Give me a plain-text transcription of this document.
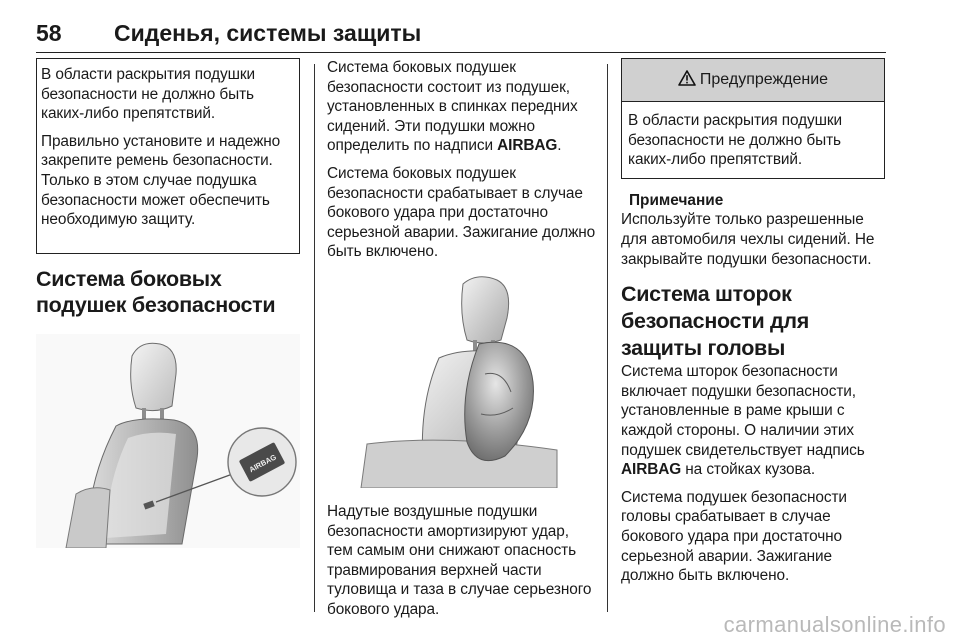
58 Сиденья, системы защиты

В области раскрытия подушки безопасности не должно быть каких-либо препятствий.

Правильно установите и надежно закрепите ремень безопасности. Только в этом случае подушка безопасности может обеспечить необходимую защиту.

Система боковых подушек безопасности
AIRBAG

Система боковых подушек безопасности состоит из подушек, установленных в спинках передних сидений. Эти подушки можно определить по надписи AIRBAG.

Система боковых подушек безопасности срабатывает в случае бокового удара при достаточно серьезной аварии. Зажигание должно быть включено.

Надутые воздушные подушки безопасности амортизируют удар, тем самым они снижают опасность травмирования верхней части туловища и таза в случае серьезного бокового удара.

Предупреждение

В области раскрытия подушки безопасности не должно быть каких-либо препятствий.

Примечание

Используйте только разрешенные для автомобиля чехлы сидений. Не закрывайте подушки безопасности.

Система шторок безопасности для защиты головы

Система шторок безопасности включает подушки безопасности, установленные в раме крыши с каждой стороны. О наличии этих подушек свидетельствует надпись AIRBAG на стойках кузова.

Система подушек безопасности головы срабатывает в случае бокового удара при достаточно серьезной аварии. Зажигание должно быть включено.

carmanualsonline.info
